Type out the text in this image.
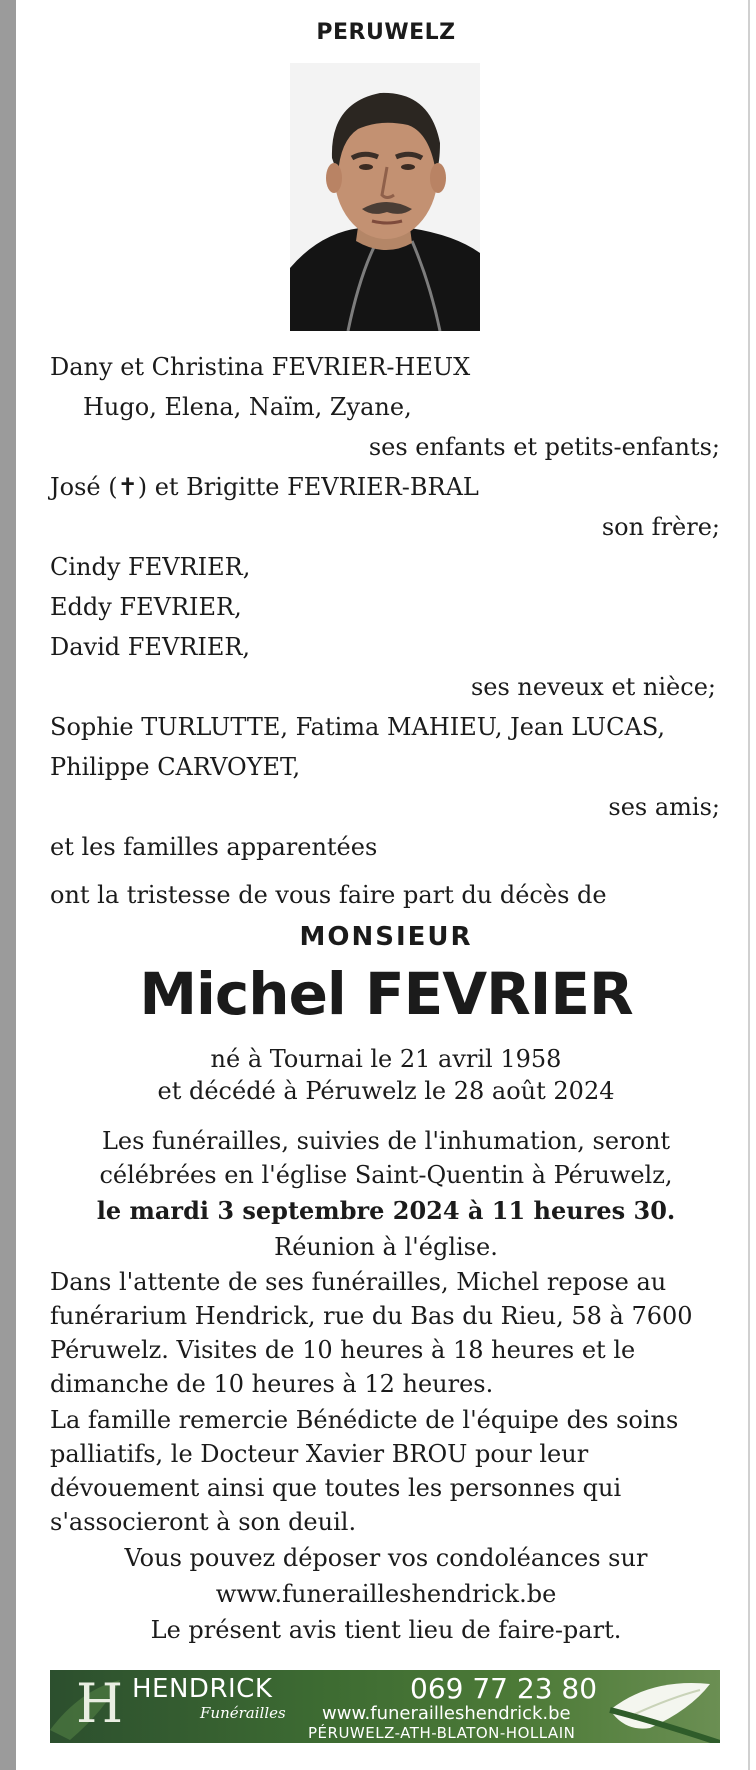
PERUWELZ
Dany et Christina FEVRIER-HEUX
Hugo, Elena, Naïm, Zyane,
ses enfants et petits-enfants;
José (✝) et Brigitte FEVRIER-BRAL
son frère;
Cindy FEVRIER,
Eddy FEVRIER,
David FEVRIER,
ses neveux et nièce;
Sophie TURLUTTE, Fatima MAHIEU, Jean LUCAS,
Philippe CARVOYET,
ses amis;
et les familles apparentées
ont la tristesse de vous faire part du décès de
MONSIEUR
Michel FEVRIER
né à Tournai le 21 avril 1958
et décédé à Péruwelz le 28 août 2024
Les funérailles, suivies de l'inhumation, seront
célébrées en l'église Saint-Quentin à Péruwelz,
le mardi 3 septembre 2024 à 11 heures 30.
Réunion à l'église.
Dans l'attente de ses funérailles, Michel repose au
funérarium Hendrick, rue du Bas du Rieu, 58 à 7600
Péruwelz. Visites de 10 heures à 18 heures et le
dimanche de 10 heures à 12 heures.
La famille remercie Bénédicte de l'équipe des soins
palliatifs, le Docteur Xavier BROU pour leur
dévouement ainsi que toutes les personnes qui
s'associeront à son deuil.
Vous pouvez déposer vos condoléances sur
www.funerailleshendrick.be
Le présent avis tient lieu de faire-part.
H HENDRICK
Funérailles
069 77 23 80
www.funerailleshendrick.be
PÉRUWELZ-ATH-BLATON-HOLLAIN
